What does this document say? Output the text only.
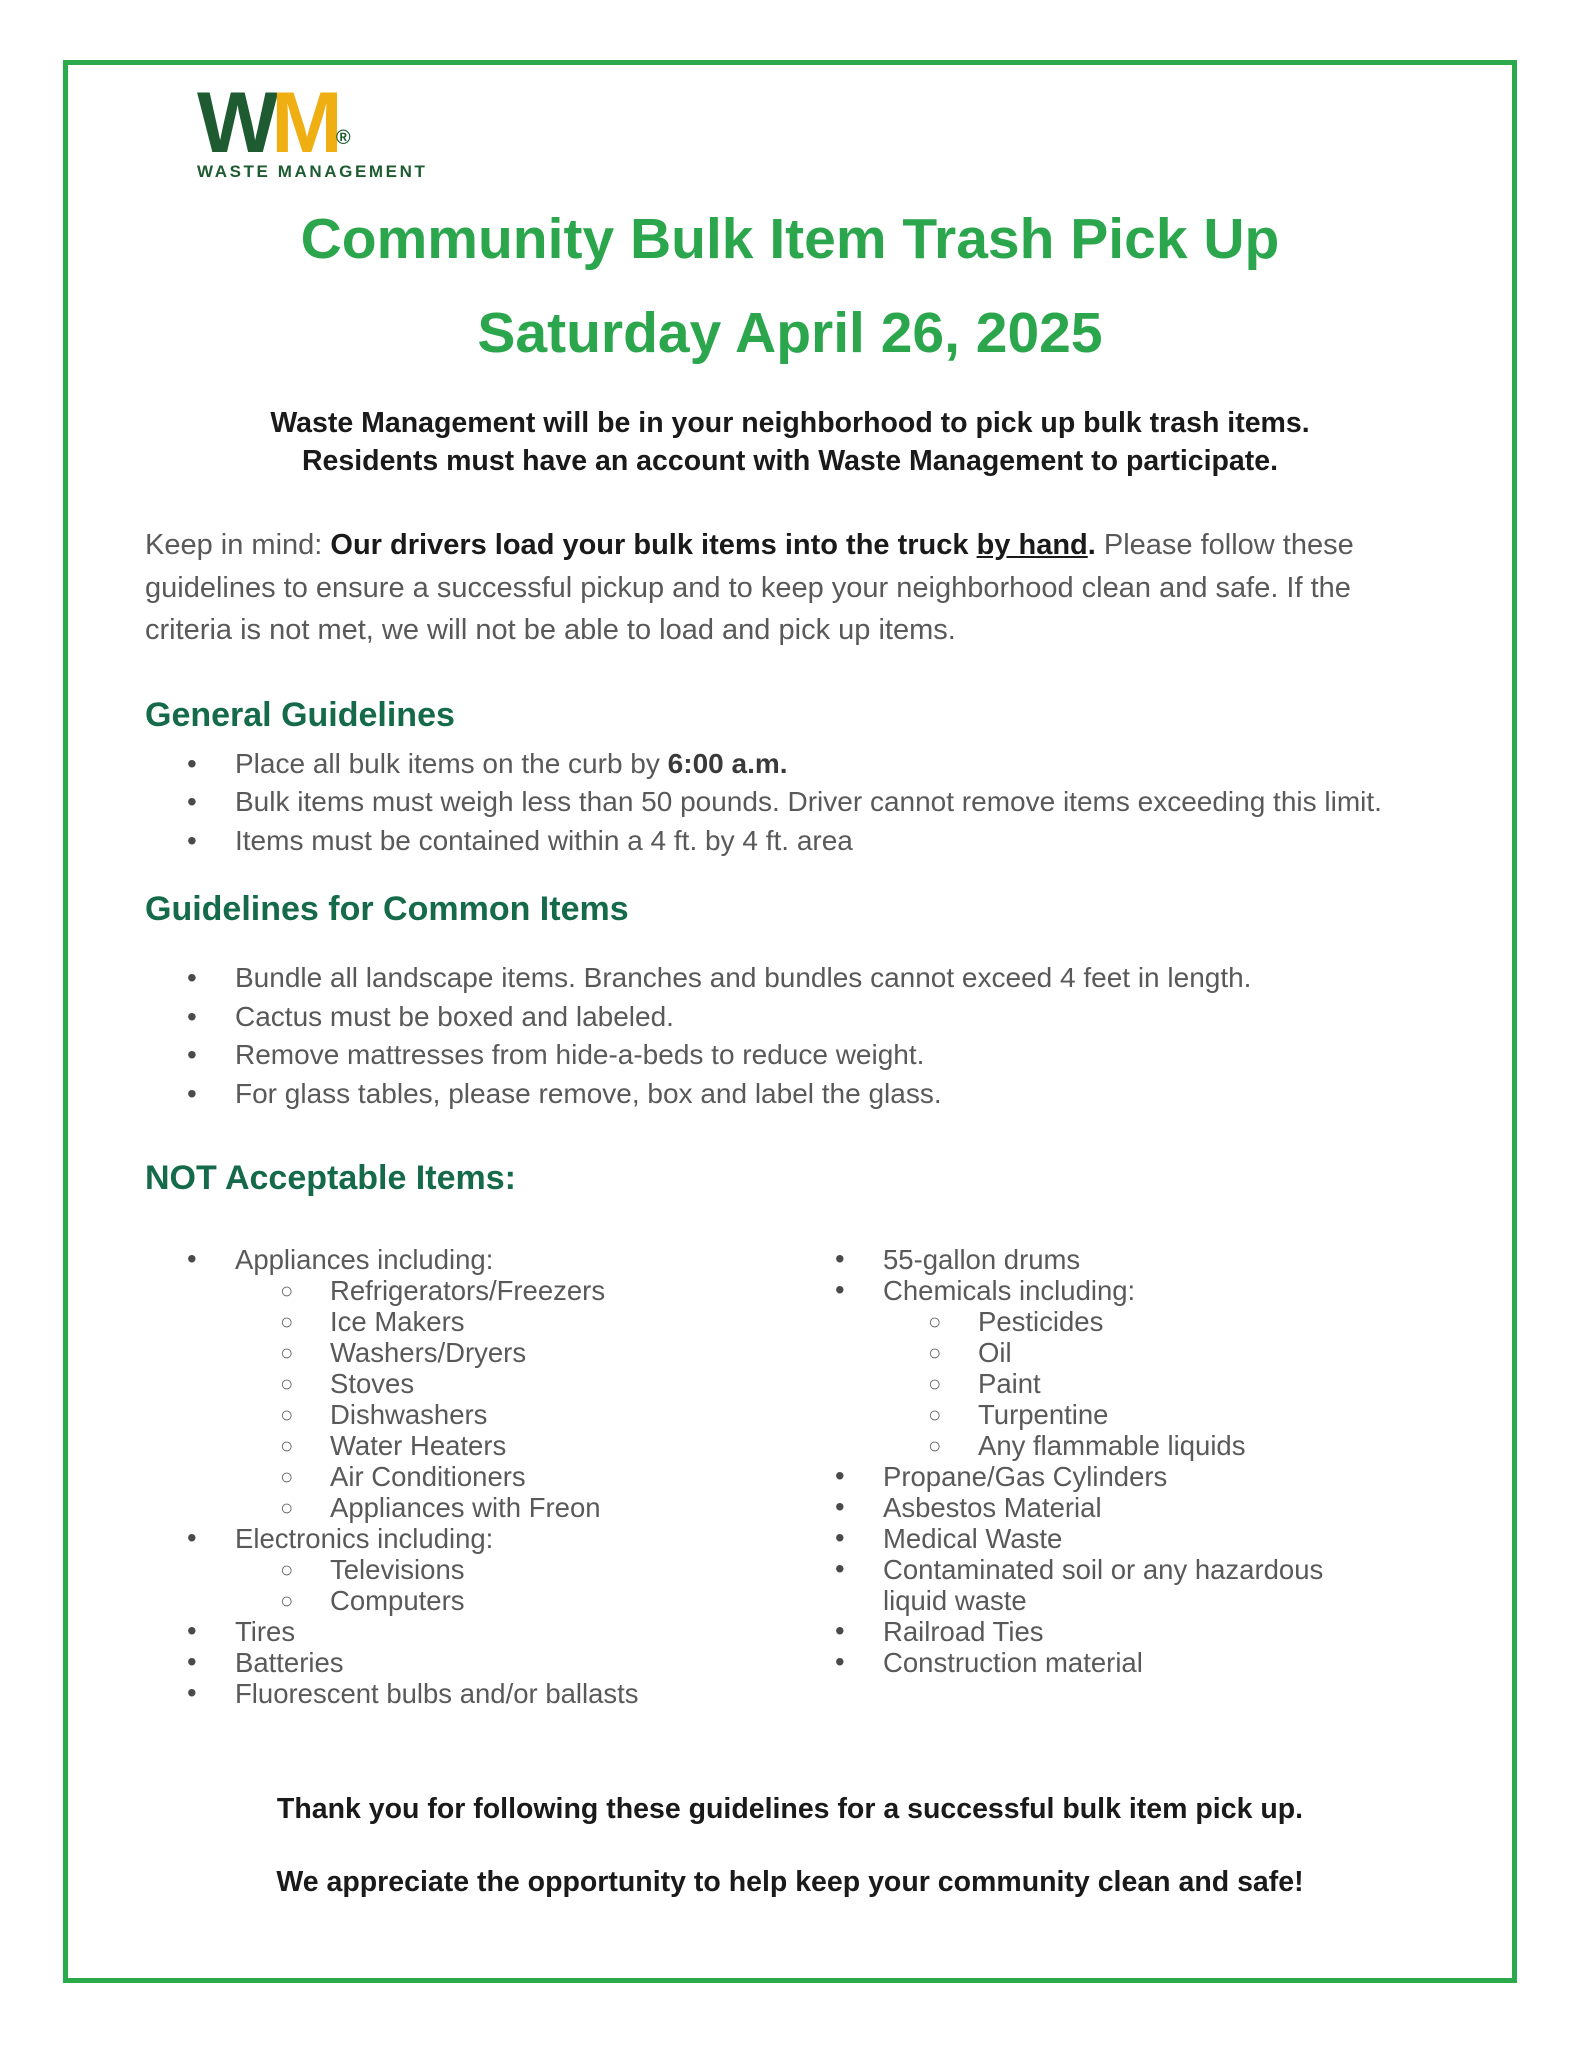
WM®
WASTE MANAGEMENT
Community Bulk Item Trash Pick Up
Saturday April 26, 2025
Waste Management will be in your neighborhood to pick up bulk trash items.
Residents must have an account with Waste Management to participate.
Keep in mind: Our drivers load your bulk items into the truck by hand. Please follow these guidelines to ensure a successful pickup and to keep your neighborhood clean and safe. If the criteria is not met, we will not be able to load and pick up items.
General Guidelines
• Place all bulk items on the curb by 6:00 a.m.
• Bulk items must weigh less than 50 pounds. Driver cannot remove items exceeding this limit.
• Items must be contained within a 4 ft. by 4 ft. area
Guidelines for Common Items
• Bundle all landscape items. Branches and bundles cannot exceed 4 feet in length.
• Cactus must be boxed and labeled.
• Remove mattresses from hide-a-beds to reduce weight.
• For glass tables, please remove, box and label the glass.
NOT Acceptable Items:
• Appliances including:
○ Refrigerators/Freezers
○ Ice Makers
○ Washers/Dryers
○ Stoves
○ Dishwashers
○ Water Heaters
○ Air Conditioners
○ Appliances with Freon
• Electronics including:
○ Televisions
○ Computers
• Tires
• Batteries
• Fluorescent bulbs and/or ballasts
• 55-gallon drums
• Chemicals including:
○ Pesticides
○ Oil
○ Paint
○ Turpentine
○ Any flammable liquids
• Propane/Gas Cylinders
• Asbestos Material
• Medical Waste
• Contaminated soil or any hazardous liquid waste
• Railroad Ties
• Construction material
Thank you for following these guidelines for a successful bulk item pick up.
We appreciate the opportunity to help keep your community clean and safe!
